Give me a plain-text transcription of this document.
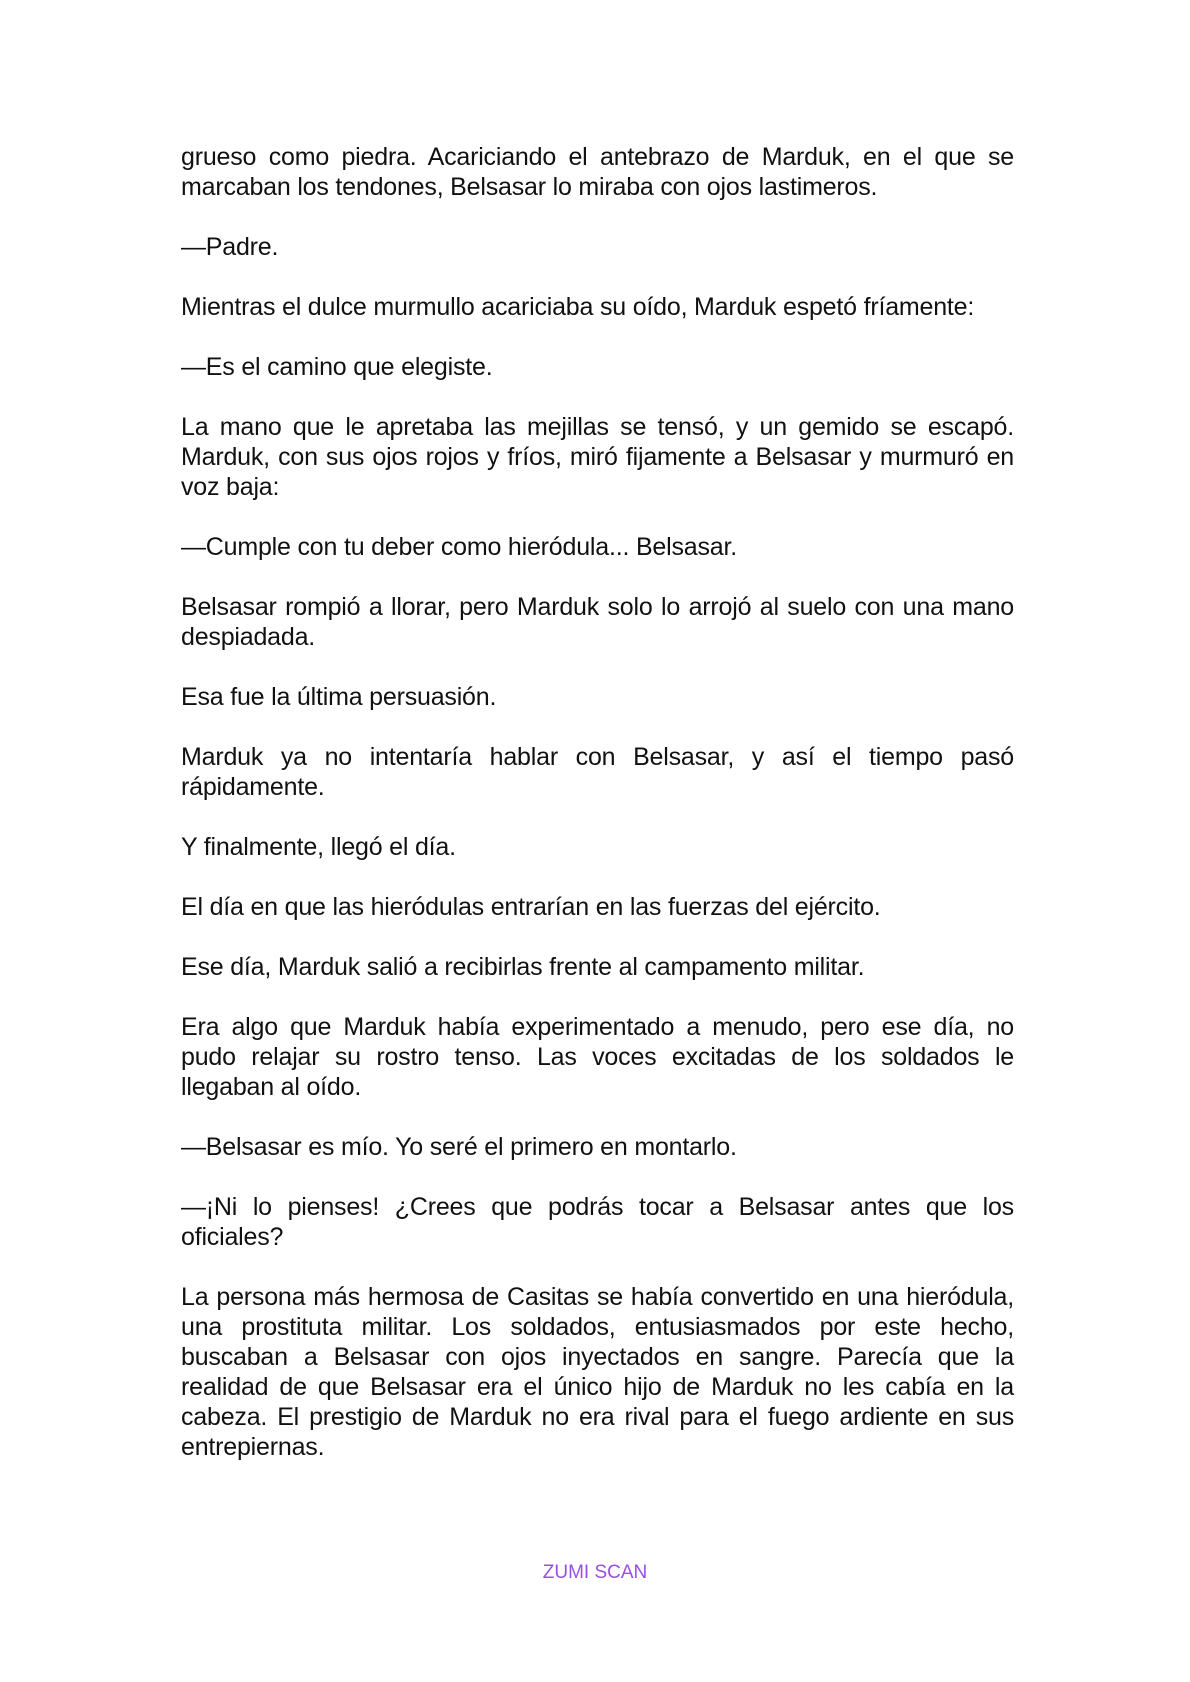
grueso como piedra. Acariciando el antebrazo de Marduk, en el que se marcaban los tendones, Belsasar lo miraba con ojos lastimeros.

—Padre.

Mientras el dulce murmullo acariciaba su oído, Marduk espetó fríamente:

—Es el camino que elegiste.

La mano que le apretaba las mejillas se tensó, y un gemido se escapó. Marduk, con sus ojos rojos y fríos, miró fijamente a Belsasar y murmuró en voz baja:

—Cumple con tu deber como hieródula... Belsasar.

Belsasar rompió a llorar, pero Marduk solo lo arrojó al suelo con una mano despiadada.

Esa fue la última persuasión.

Marduk ya no intentaría hablar con Belsasar, y así el tiempo pasó rápidamente.

Y finalmente, llegó el día.

El día en que las hieródulas entrarían en las fuerzas del ejército.

Ese día, Marduk salió a recibirlas frente al campamento militar.

Era algo que Marduk había experimentado a menudo, pero ese día, no pudo relajar su rostro tenso. Las voces excitadas de los soldados le llegaban al oído.

—Belsasar es mío. Yo seré el primero en montarlo.

—¡Ni lo pienses! ¿Crees que podrás tocar a Belsasar antes que los oficiales?

La persona más hermosa de Casitas se había convertido en una hieródula, una prostituta militar. Los soldados, entusiasmados por este hecho, buscaban a Belsasar con ojos inyectados en sangre. Parecía que la realidad de que Belsasar era el único hijo de Marduk no les cabía en la cabeza. El prestigio de Marduk no era rival para el fuego ardiente en sus entrepiernas.

ZUMI SCAN
